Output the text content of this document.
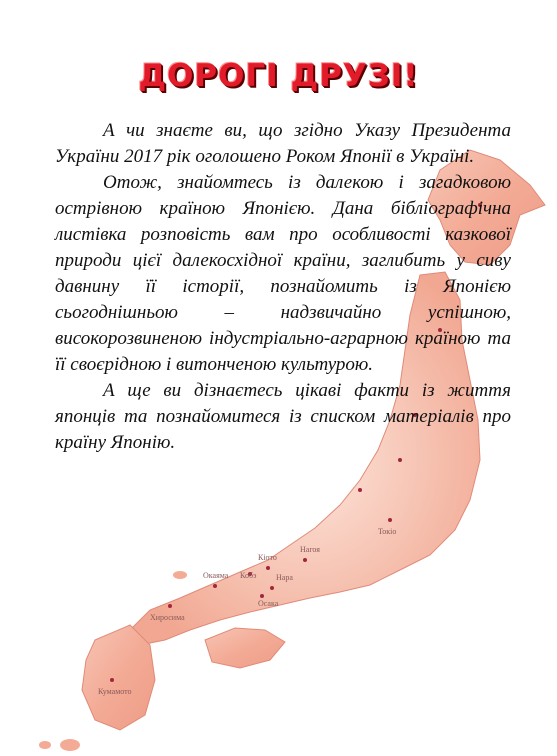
Хиросима
Окаяма Кобэ
Кіото
Нагоя
Нара
Осака
Токіо
Кумамото
ДОРОГІ ДРУЗІ!

А чи знаєте ви, що згідно Указу Президента України 2017 рік оголошено Роком Японії в Україні.

Отож, знайомтесь із далекою і загадковою острівною країною Японією. Дана бібліографічна листівка розповість вам про особливості казкової природи цієї далекосхідної країни, заглибить у сиву давнину її історії, познайомить із Японією сьогоднішньою – надзвичайно успішною, високорозвиненою індустріально-аграрною країною та її своєрідною і витонченою культурою.

А ще ви дізнаєтесь цікаві факти із життя японців та познайомитеся із списком матеріалів про країну Японію.
